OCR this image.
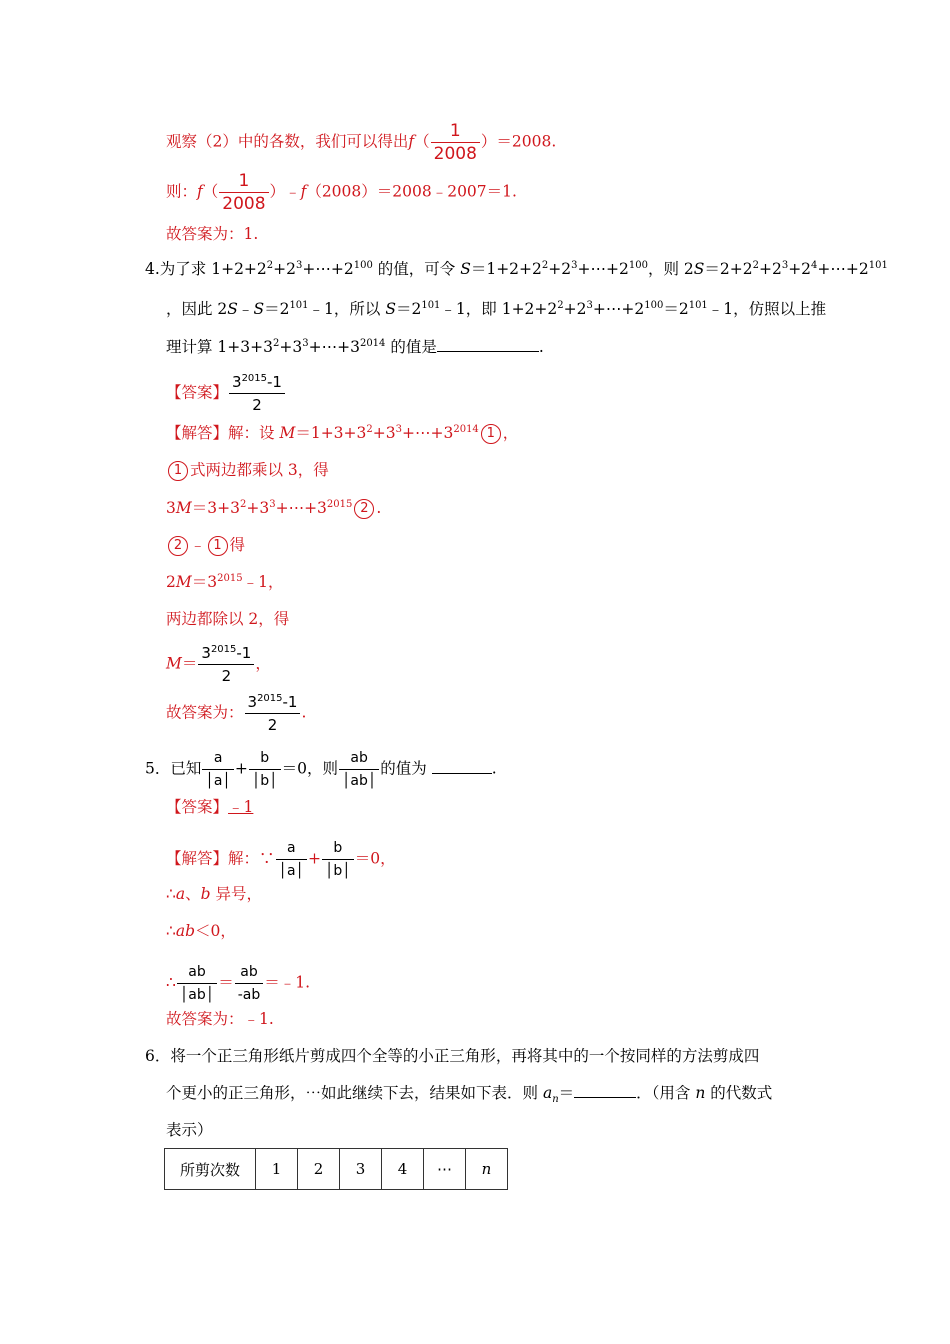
观察（2）中的各数，我们可以得出$f( \frac{1}{2008} )=2008$.
则：$f( \frac{1}{2008}$ ）﹣f（2008）＝2008﹣2007＝1.
故答案为：1.
4.为了求 $1+2+2^2+2^3+\cdots+2^{100}$ 的值，可令 $S=1+2+2^2+2^3+\cdots+2^{100}$，则 $2S=2+2^2+2^3+2^4+\cdots+2^{101}$
，因此 $2S﹣S=2^{101}﹣1$，所以 $S=2^{101}﹣1$，即 $1+2+2^2+2^3+\cdots+2^{100}=2^{101}﹣1$，仿照以上推
理计算 $1+3+3^2+3^3+\cdots+3^{2014}$ 的值是	.
【答案】 $\frac{3^{2015}-1}{2}$
【解答】解：设 $M=1+3+3^2+3^3+\cdots+3^{2014}$ 1 ，
1 式两边都乘以 3，得
$3M=3+3^2+3^3+\cdots+3^{2015}$ 2 .
2 ﹣ 1 得
$2M=3^{2015}﹣1$，
两边都除以 2，得
$M= \frac{3^{2015}-1}{2}$ ，
故答案为： $\frac{3^{2015}-1}{2}$ .
5．已知 $\frac{a}{│a│} + \frac{b}{│b│} =0$，则 $\frac{ab}{│ab│}$ 的值为	.
【答案】﹣1
【解答】解：∵ $\frac{a}{│a│} + \frac{b}{│b│} =0$，
∴a、b 异号，
∴ab＜0，
∴ $\frac{ab}{│ab│} = \frac{ab}{-ab}$ ＝﹣1.
故答案为：﹣1.
6．将一个正三角形纸片剪成四个全等的小正三角形，再将其中的一个按同样的方法剪成四
个更小的正三角形，⋯如此继续下去，结果如下表．则 $a_n=$	．（用含 n 的代数式
表示）
所剪次数	1	2	3	4	⋯	n
